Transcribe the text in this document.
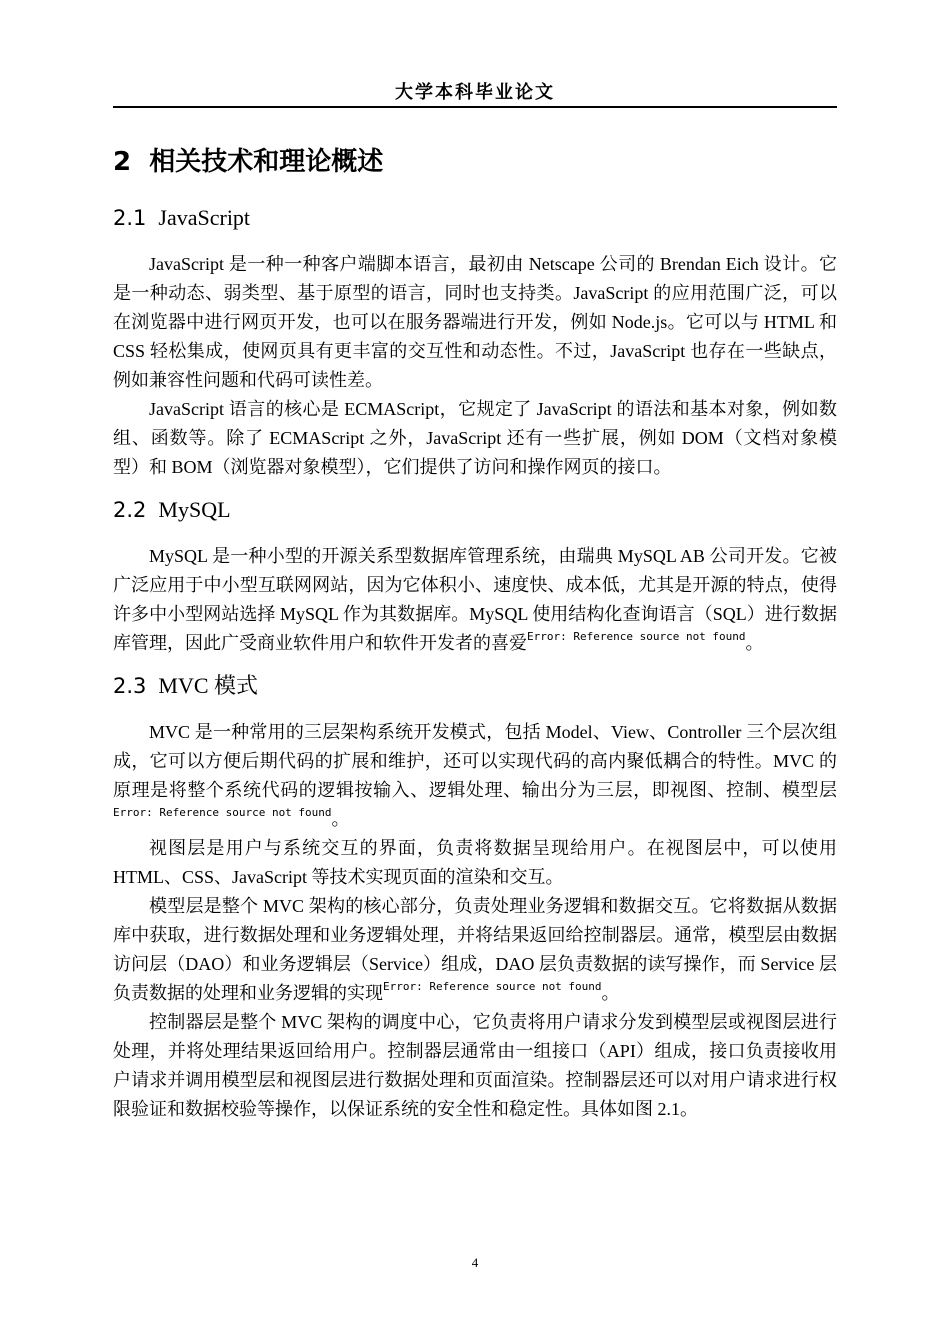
大学本科毕业论文
2 相关技术和理论概述
2.1 JavaScript

JavaScript 是一种一种客户端脚本语言，最初由 Netscape 公司的 Brendan Eich 设计。它是一种动态、弱类型、基于原型的语言，同时也支持类。JavaScript 的应用范围广泛，可以在浏览器中进行网页开发，也可以在服务器端进行开发，例如 Node.js。它可以与 HTML 和 CSS 轻松集成，使网页具有更丰富的交互性和动态性。不过，JavaScript 也存在一些缺点，例如兼容性问题和代码可读性差。

JavaScript 语言的核心是 ECMAScript，它规定了 JavaScript 的语法和基本对象，例如数组、函数等。除了 ECMAScript 之外，JavaScript 还有一些扩展，例如 DOM（文档对象模型）和 BOM（浏览器对象模型），它们提供了访问和操作网页的接口。

2.2 MySQL

MySQL 是一种小型的开源关系型数据库管理系统，由瑞典 MySQL AB 公司开发。它被广泛应用于中小型互联网网站，因为它体积小、速度快、成本低，尤其是开源的特点，使得许多中小型网站选择 MySQL 作为其数据库。MySQL 使用结构化查询语言（SQL）进行数据库管理，因此广受商业软件用户和软件开发者的喜爱$^{Error: Reference source not found}$。

2.3 MVC 模式

MVC 是一种常用的三层架构系统开发模式，包括 Model、View、Controller 三个层次组成，它可以方便后期代码的扩展和维护，还可以实现代码的高内聚低耦合的特性。MVC 的原理是将整个系统代码的逻辑按输入、逻辑处理、输出分为三层，即视图、控制、模型层$^{Error: Reference source not found}$。

视图层是用户与系统交互的界面，负责将数据呈现给用户。在视图层中，可以使用 HTML、CSS、JavaScript 等技术实现页面的渲染和交互。

模型层是整个 MVC 架构的核心部分，负责处理业务逻辑和数据交互。它将数据从数据库中获取，进行数据处理和业务逻辑处理，并将结果返回给控制器层。通常，模型层由数据访问层（DAO）和业务逻辑层（Service）组成，DAO 层负责数据的读写操作，而 Service 层负责数据的处理和业务逻辑的实现$^{Error: Reference source not found}$。

控制器层是整个 MVC 架构的调度中心，它负责将用户请求分发到模型层或视图层进行处理，并将处理结果返回给用户。控制器层通常由一组接口（API）组成，接口负责接收用户请求并调用模型层和视图层进行数据处理和页面渲染。控制器层还可以对用户请求进行权限验证和数据校验等操作，以保证系统的安全性和稳定性。具体如图 2.1。

4
